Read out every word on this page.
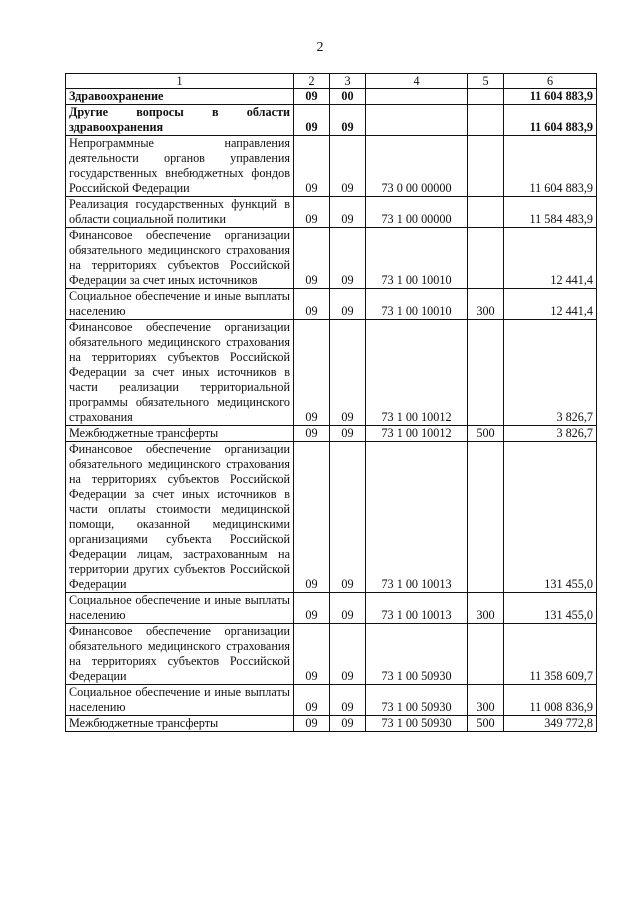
2
1	2	3	4	5	6
Здравоохранение	09	00			11 604 883,9
Другие вопросы в области здравоохранения	09	09			11 604 883,9
Непрограммные направления деятельности органов управления государственных внебюджетных фондов Российской Федерации	09	09	73 0 00 00000		11 604 883,9
Реализация государственных функций в области социальной политики	09	09	73 1 00 00000		11 584 483,9
Финансовое обеспечение организации обязательного медицинского страхования на территориях субъектов Российской Федерации за счет иных источников	09	09	73 1 00 10010		12 441,4
Социальное обеспечение и иные выплаты населению	09	09	73 1 00 10010	300	12 441,4
Финансовое обеспечение организации обязательного медицинского страхования на территориях субъектов Российской Федерации за счет иных источников в части реализации территориальной программы обязательного медицинского страхования	09	09	73 1 00 10012		3 826,7
Межбюджетные трансферты	09	09	73 1 00 10012	500	3 826,7
Финансовое обеспечение организации обязательного медицинского страхования на территориях субъектов Российской Федерации за счет иных источников в части оплаты стоимости медицинской помощи, оказанной медицинскими организациями субъекта Российской Федерации лицам, застрахованным на территории других субъектов Российской Федерации	09	09	73 1 00 10013		131 455,0
Социальное обеспечение и иные выплаты населению	09	09	73 1 00 10013	300	131 455,0
Финансовое обеспечение организации обязательного медицинского страхования на территориях субъектов Российской Федерации	09	09	73 1 00 50930		11 358 609,7
Социальное обеспечение и иные выплаты населению	09	09	73 1 00 50930	300	11 008 836,9
Межбюджетные трансферты	09	09	73 1 00 50930	500	349 772,8
